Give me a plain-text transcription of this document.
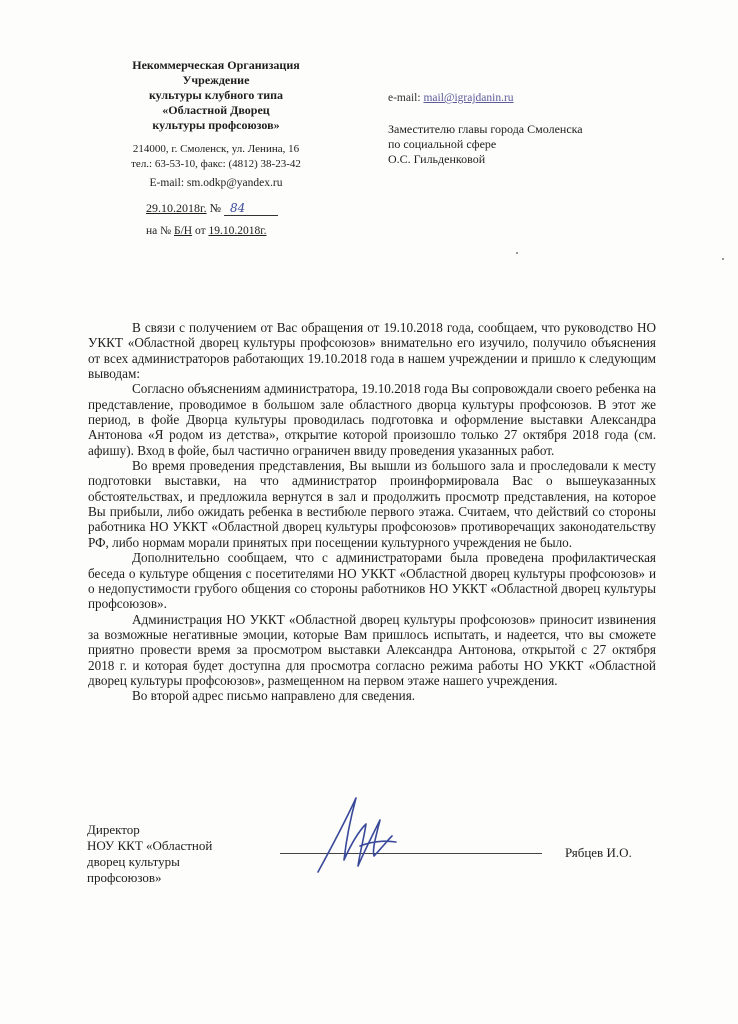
Некоммерческая Организация
Учреждение
культуры клубного типа
«Областной Дворец
культуры профсоюзов»
214000, г. Смоленск, ул. Ленина, 16
тел.: 63-53-10, факс: (4812) 38-23-42
E-mail: sm.odkp@yandex.ru
29.10.2018г. № 84
на № Б/Н от 19.10.2018г.
e-mail: mail@igrajdanin.ru
Заместителю главы города Смоленска
по социальной сфере
О.С. Гильденковой

В связи с получением от Вас обращения от 19.10.2018 года, сообщаем, что руководство НО УККТ «Областной дворец культуры профсоюзов» внимательно его изучило, получило объяснения от всех администраторов работающих 19.10.2018 года в нашем учреждении и пришло к следующим выводам:

Согласно объяснениям администратора, 19.10.2018 года Вы сопровождали своего ребенка на представление, проводимое в большом зале областного дворца культуры профсоюзов. В этот же период, в фойе Дворца культуры проводилась подготовка и оформление выставки Александра Антонова «Я родом из детства», открытие которой произошло только 27 октября 2018 года (см. афишу). Вход в фойе, был частично ограничен ввиду проведения указанных работ.

Во время проведения представления, Вы вышли из большого зала и проследовали к месту подготовки выставки, на что администратор проинформировала Вас о вышеуказанных обстоятельствах, и предложила вернутся в зал и продолжить просмотр представления, на которое Вы прибыли, либо ожидать ребенка в вестибюле первого этажа. Считаем, что действий со стороны работника НО УККТ «Областной дворец культуры профсоюзов» противоречащих законодательству РФ, либо нормам морали принятых при посещении культурного учреждения не было.

Дополнительно сообщаем, что с администраторами была проведена профилактическая беседа о культуре общения с посетителями НО УККТ «Областной дворец культуры профсоюзов» и о недопустимости грубого общения со стороны работников НО УККТ «Областной дворец культуры профсоюзов».

Администрация НО УККТ «Областной дворец культуры профсоюзов» приносит извинения за возможные негативные эмоции, которые Вам пришлось испытать, и надеется, что вы сможете приятно провести время за просмотром выставки Александра Антонова, открытой с 27 октября 2018 г. и которая будет доступна для просмотра согласно режима работы НО УККТ «Областной дворец культуры профсоюзов», размещенном на первом этаже нашего учреждения.

Во второй адрес письмо направлено для сведения.

Директор
НОУ ККТ «Областной
дворец культуры
профсоюзов»
Рябцев И.О.
